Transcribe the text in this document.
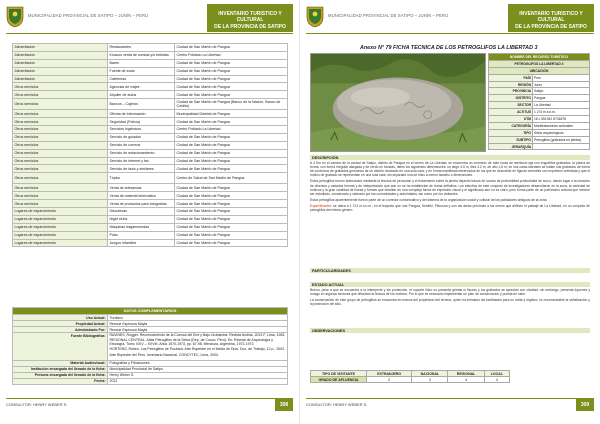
MUNICIPALIDAD PROVINCIAL DE SATIPO – JUNÍN – PERÚ	INVENTARIO TURISTICO Y CULTURAL
DE LA PROVINCIA DE SATIPO
Alimentación	Restaurantes	Ciudad de San Martín de Pangoa
Alimentación	Kioscos venta de comida y/o bebidas	Centro Poblado La Libertad
Alimentación	Bares	Ciudad de San Martín de Pangoa
Alimentación	Fuente de soda	Ciudad de San Martín de Pangoa
Alimentación	Cafeterías	Ciudad de San Martín de Pangoa
Otros servicios	Agencias de viajes	Ciudad de San Martín de Pangoa
Otros servicios	Alquiler de autos	Ciudad de San Martín de Pangoa
Otros servicios	Bancos – Cajeros	Ciudad de San Martín de Pangoa (Banco de la Nación, Banco de Crédito)
Otros servicios	Oficina de Información	Municipalidad Distrital de Pangoa
Otros servicios	Seguridad (Policía)	Ciudad de San Martín de Pangoa
Otros servicios	Servicios higiénicos	Centro Poblado La Libertad
Otros servicios	Servicio de guiados	Ciudad de San Martín de Pangoa
Otros servicios	Servicio de correos	Ciudad de San Martín de Pangoa
Otros servicios	Servicio de estacionamiento	Ciudad de San Martín de Pangoa
Otros servicios	Servicio de internet y fax	Ciudad de San Martín de Pangoa
Otros servicios	Servicio de taxis y similares	Ciudad de San Martín de Pangoa
Otros servicios	Tópico	Centro de Salud de San Martín de Pangoa
Otros servicios	Venta de artesanías	Ciudad de San Martín de Pangoa
Otros servicios	Venta de material informativo	Ciudad de San Martín de Pangoa
Otros servicios	Venta de productos para fotografías	Ciudad de San Martín de Pangoa
Lugares de esparcimiento	Discotecas	Ciudad de San Martín de Pangoa
Lugares de esparcimiento	Night clubs	Ciudad de San Martín de Pangoa
Lugares de esparcimiento	Máquinas tragamonedas	Ciudad de San Martín de Pangoa
Lugares de esparcimiento	Pubs	Ciudad de San Martín de Pangoa
Lugares de esparcimiento	Juegos infantiles	Ciudad de San Martín de Pangoa
DATOS COMPLEMENTARIOS	
Uso Actual:	Turístico
Propiedad Actual:	Rescue Espinoza Mayta
Administrado Por:	Rescue Espinoza Mayta
Fuente Bibliográfica:	RAVINES, Rogger. Reconocimiento de la Cuenca del Ene y Bajo Urubamba. Revista Andina, 2013 F, Lima, 1963.

REGIONAL CENTRAL. Atlas Petroglifos de la Selva (Dep. de Cusco, Perú). En: Revista de Arqueología y Etnología, Tomo XXIV – XXVIII, Años 1970-1973, pp. 67-98. Mendoza, Argentina, 1972-1973.

HORTENS, Ruben. Los Petroglifos de Pucbara. Arte Rupestre en el Medio de Dios. Doc. de Trabajo, 12 p., 2002.

Arte Rupestre del Perú. Inventario Nacional. CONCYTEC, Lima, 2003.

Material Audiovisual:	Fotografías y Filmaciones
Institución encargada del llenado de la ficha:	Municipalidad Provincial de Satipo
Persona encargada del llenado de la ficha:	Henry Weber S.
Fecha:	2012
CONSULTOR: HENRY WEBER S.	308
MUNICIPALIDAD PROVINCIAL DE SATIPO – JUNÍN – PERÚ	INVENTARIO TURISTICO Y CULTURAL
DE LA PROVINCIA DE SATIPO
Anexo N° 79 FICHA TECNICA DE LOS PETROGLIFOS LA LIBERTAD 3
NOMBRE DEL RECURSO TURISTICO	
PETROGLIFOS LA LIBERTAD 3	
UBICACIÓN	
PAÍS	Perú
REGIÓN	Junín
PROVINCIA	Satipo
DISTRITO	Pangoa
SECTOR	La Libertad
ALTITUD	1 274 m.s.n.m.
UTM	18 L 551942 8734878
CATEGORÍA	Manifestaciones culturales
TIPO	Sitios arqueológicos
SUBTIPO	Petroglifos (grabados en piedra)
JERARQUÍA	
DESCRIPCIÓN

A 4 Km en el camino de la ciudad de Satipo, distrito de Pangoa en el centro de La Libertad, se encuentra un conocido de más rocas de arenisca roja con engrafítos grabados; la piedra de forma, con forma irregular alargada y de cerdo en bandas, ítems los siguientes dimensiones: un largo 4.5 m, tiles 3.2 m, de alto 1.8 m; en sus caras laterales se hallan sus grabados de forma de contornos de grabados gemotrios de un diseño mostrado en una sola cara, y en forma manifiesta observados de los que se descubrió en figuras centrales con expresión orientada y que el motivo de grabado se representan en una sola cara; sin separado una de ellos a menor tamaño o dimensiones.

Estos petroglifos fueron elaborados mediante la técnica de percusión y el frotamiento sobre la piedra dejando trazos de surcos de profundidad profundidad de surco, dando lugar a la creación de diversos y variados formas y de interpretación que aún no se ha establecido de forma definitiva. Los estudios de este conjunto de investigadores desarrollaron en la zona, la variedad de motivos y la gran cantidad de líneas y formas que resultan en una compleja forma de expresión visual y el significado aún no es claro; pero forma parte de un patrimonio cultural que merece ser estudiado, conservado y valorado por las comunidades y autoridades, así como por los visitantes.

Estos petroglifos aparentemente fueron parte de un corredor comunicativo y del sistema de la organización social y cultural de los pobladores antiguos de la zona.

Especificación: se ubica a 1 274 m.s.n.m., en el trayecto que une Pangoa, Kimiriki, Pitocuna y con las áreas próximas a los cerros que definen el paisaje de La Libertad, en un conjunto de petroglifos del mismo género.

PARTICULARIDADES
ESTADO ACTUAL

Bueno, pese a que se encuentra a la intemperie y sin protección, el soporte lítico no presenta grietas ni fisuras y los grabados se aprecian con claridad; sin embargo, presenta líquenes y musgo en algunos sectores que dificultan la lectura de los motivos. Por lo que es necesario implementar un plan de conservación y puesta en valor.

La conservación de este grupo de petroglifos se encuentra en manos del propietario del terreno, quien ha brindado las facilidades para su visita y registro; es recomendable la señalización y la protección del sitio.

OBSERVACIONES
TIPO DE VISITANTE	EXTRANJERO	NACIONAL	REGIONAL	LOCAL
GRADO DE AFLUENCIA	2	3	4	4
CONSULTOR: HENRY WEBER S.	309
